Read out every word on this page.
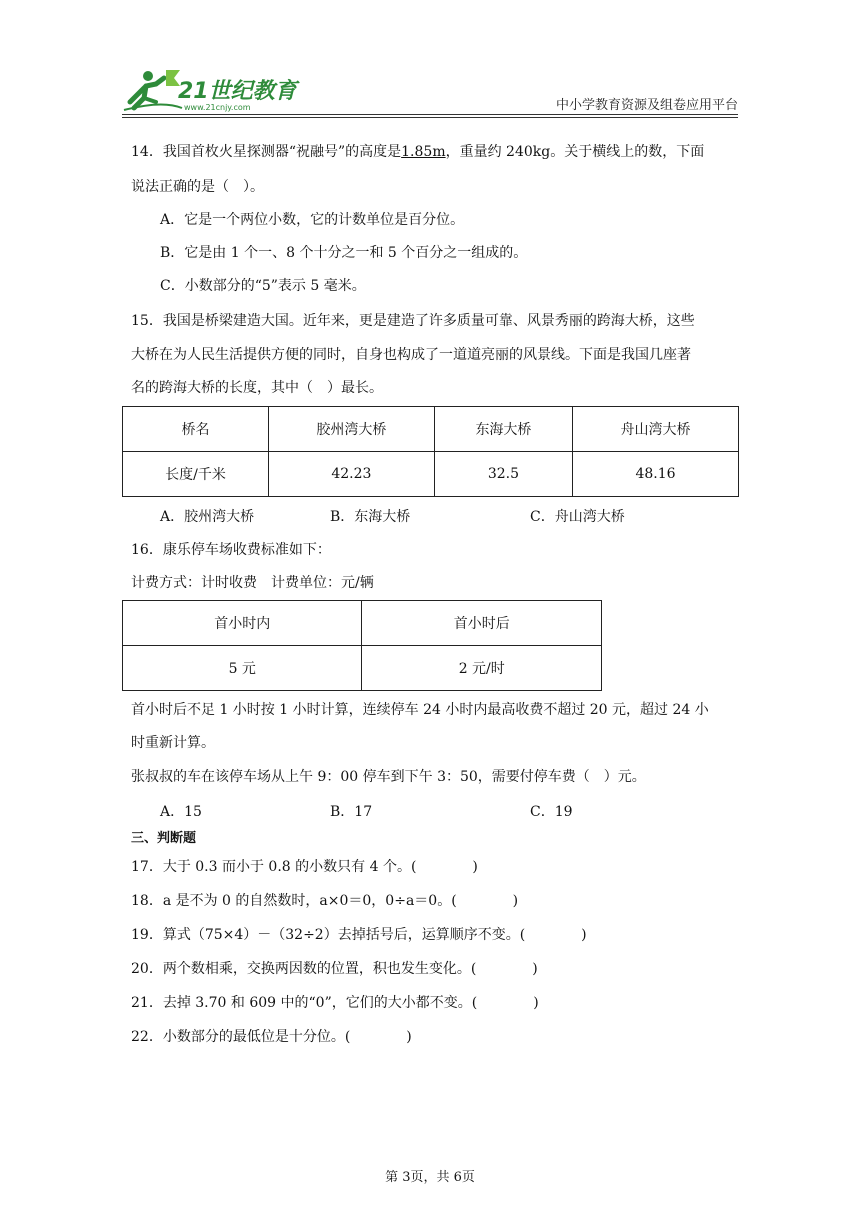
21世纪教育
www.21cnjy.com	中小学教育资源及组卷应用平台
14．我国首枚火星探测器“祝融号”的高度是1.85m，重量约 240kg。关于横线上的数，下面
说法正确的是（　）。
A．它是一个两位小数，它的计数单位是百分位。
B．它是由 1 个一、8 个十分之一和 5 个百分之一组成的。
C．小数部分的“5”表示 5 毫米。
15．我国是桥梁建造大国。近年来，更是建造了许多质量可靠、风景秀丽的跨海大桥，这些
大桥在为人民生活提供方便的同时，自身也构成了一道道亮丽的风景线。下面是我国几座著
名的跨海大桥的长度，其中（　）最长。
桥名	胶州湾大桥	东海大桥	舟山湾大桥
长度/千米	42.23	32.5	48.16
A．胶州湾大桥	B．东海大桥	C．舟山湾大桥
16．康乐停车场收费标准如下：
计费方式：计时收费　计费单位：元/辆
首小时内	首小时后
5 元	2 元/时
首小时后不足 1 小时按 1 小时计算，连续停车 24 小时内最高收费不超过 20 元，超过 24 小
时重新计算。
张叔叔的车在该停车场从上午 9：00 停车到下午 3：50，需要付停车费（　）元。
A．15	B．17	C．19
三、判断题
17．大于 0.3 而小于 0.8 的小数只有 4 个。(　　　　)
18．a 是不为 0 的自然数时，a×0＝0，0÷a＝0。(　　　　)
19．算式（75×4）－（32÷2）去掉括号后，运算顺序不变。(　　　　)
20．两个数相乘，交换两因数的位置，积也发生变化。(　　　　)
21．去掉 3.70 和 609 中的“0”，它们的大小都不变。(　　　　)
22．小数部分的最低位是十分位。(　　　　)
第 3页，共 6页
